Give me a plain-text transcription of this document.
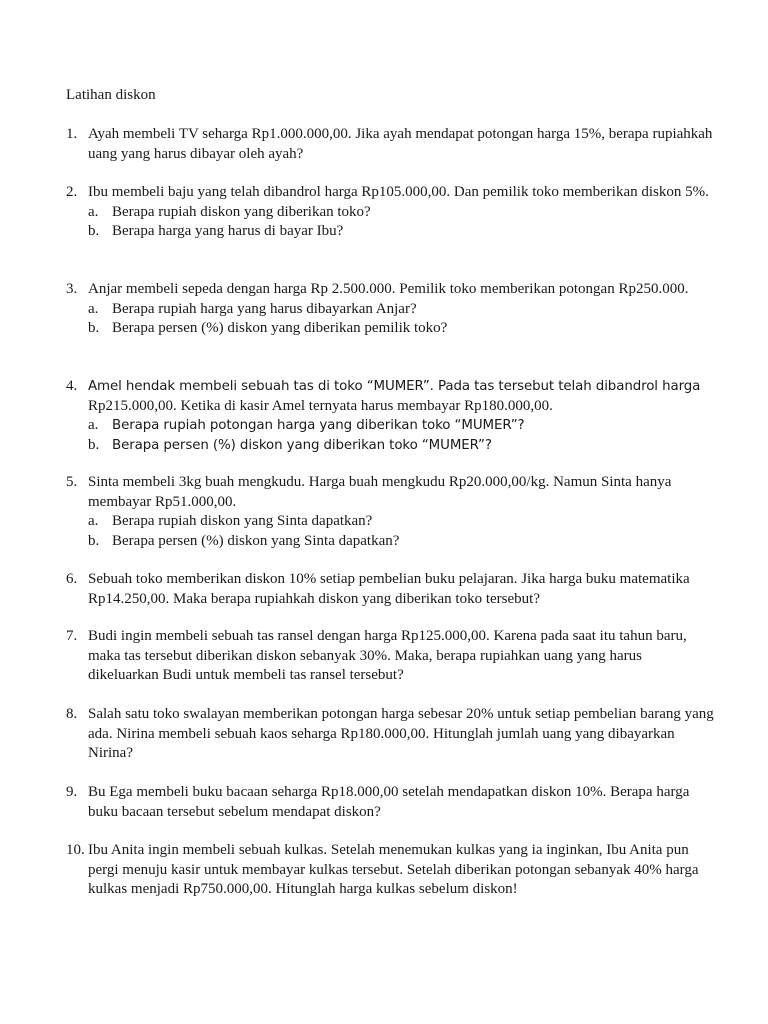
Latihan diskon
1. Ayah membeli TV seharga Rp1.000.000,00. Jika ayah mendapat potongan harga 15%, berapa rupiahkah uang yang harus dibayar oleh ayah?
2. Ibu membeli baju yang telah dibandrol harga Rp105.000,00. Dan pemilik toko memberikan diskon 5%.
a. Berapa rupiah diskon yang diberikan toko?
b. Berapa harga yang harus di bayar Ibu?
3. Anjar membeli sepeda dengan harga Rp 2.500.000. Pemilik toko memberikan potongan Rp250.000.
a. Berapa rupiah harga yang harus dibayarkan Anjar?
b. Berapa persen (%) diskon yang diberikan pemilik toko?
4. Amel hendak membeli sebuah tas di toko “MUMER”. Pada tas tersebut telah dibandrol harga
Rp215.000,00. Ketika di kasir Amel ternyata harus membayar Rp180.000,00.
a. Berapa rupiah potongan harga yang diberikan toko “MUMER”?
b. Berapa persen (%) diskon yang diberikan toko “MUMER”?
5. Sinta membeli 3kg buah mengkudu. Harga buah mengkudu Rp20.000,00/kg. Namun Sinta hanya membayar Rp51.000,00.
a. Berapa rupiah diskon yang Sinta dapatkan?
b. Berapa persen (%) diskon yang Sinta dapatkan?
6. Sebuah toko memberikan diskon 10% setiap pembelian buku pelajaran. Jika harga buku matematika Rp14.250,00. Maka berapa rupiahkah diskon yang diberikan toko tersebut?
7. Budi ingin membeli sebuah tas ransel dengan harga Rp125.000,00. Karena pada saat itu tahun baru, maka tas tersebut diberikan diskon sebanyak 30%. Maka, berapa rupiahkan uang yang harus dikeluarkan Budi untuk membeli tas ransel tersebut?
8. Salah satu toko swalayan memberikan potongan harga sebesar 20% untuk setiap pembelian barang yang ada. Nirina membeli sebuah kaos seharga Rp180.000,00. Hitunglah jumlah uang yang dibayarkan Nirina?
9. Bu Ega membeli buku bacaan seharga Rp18.000,00 setelah mendapatkan diskon 10%. Berapa harga buku bacaan tersebut sebelum mendapat diskon?
10. Ibu Anita ingin membeli sebuah kulkas. Setelah menemukan kulkas yang ia inginkan, Ibu Anita pun pergi menuju kasir untuk membayar kulkas tersebut. Setelah diberikan potongan sebanyak 40% harga kulkas menjadi Rp750.000,00. Hitunglah harga kulkas sebelum diskon!
